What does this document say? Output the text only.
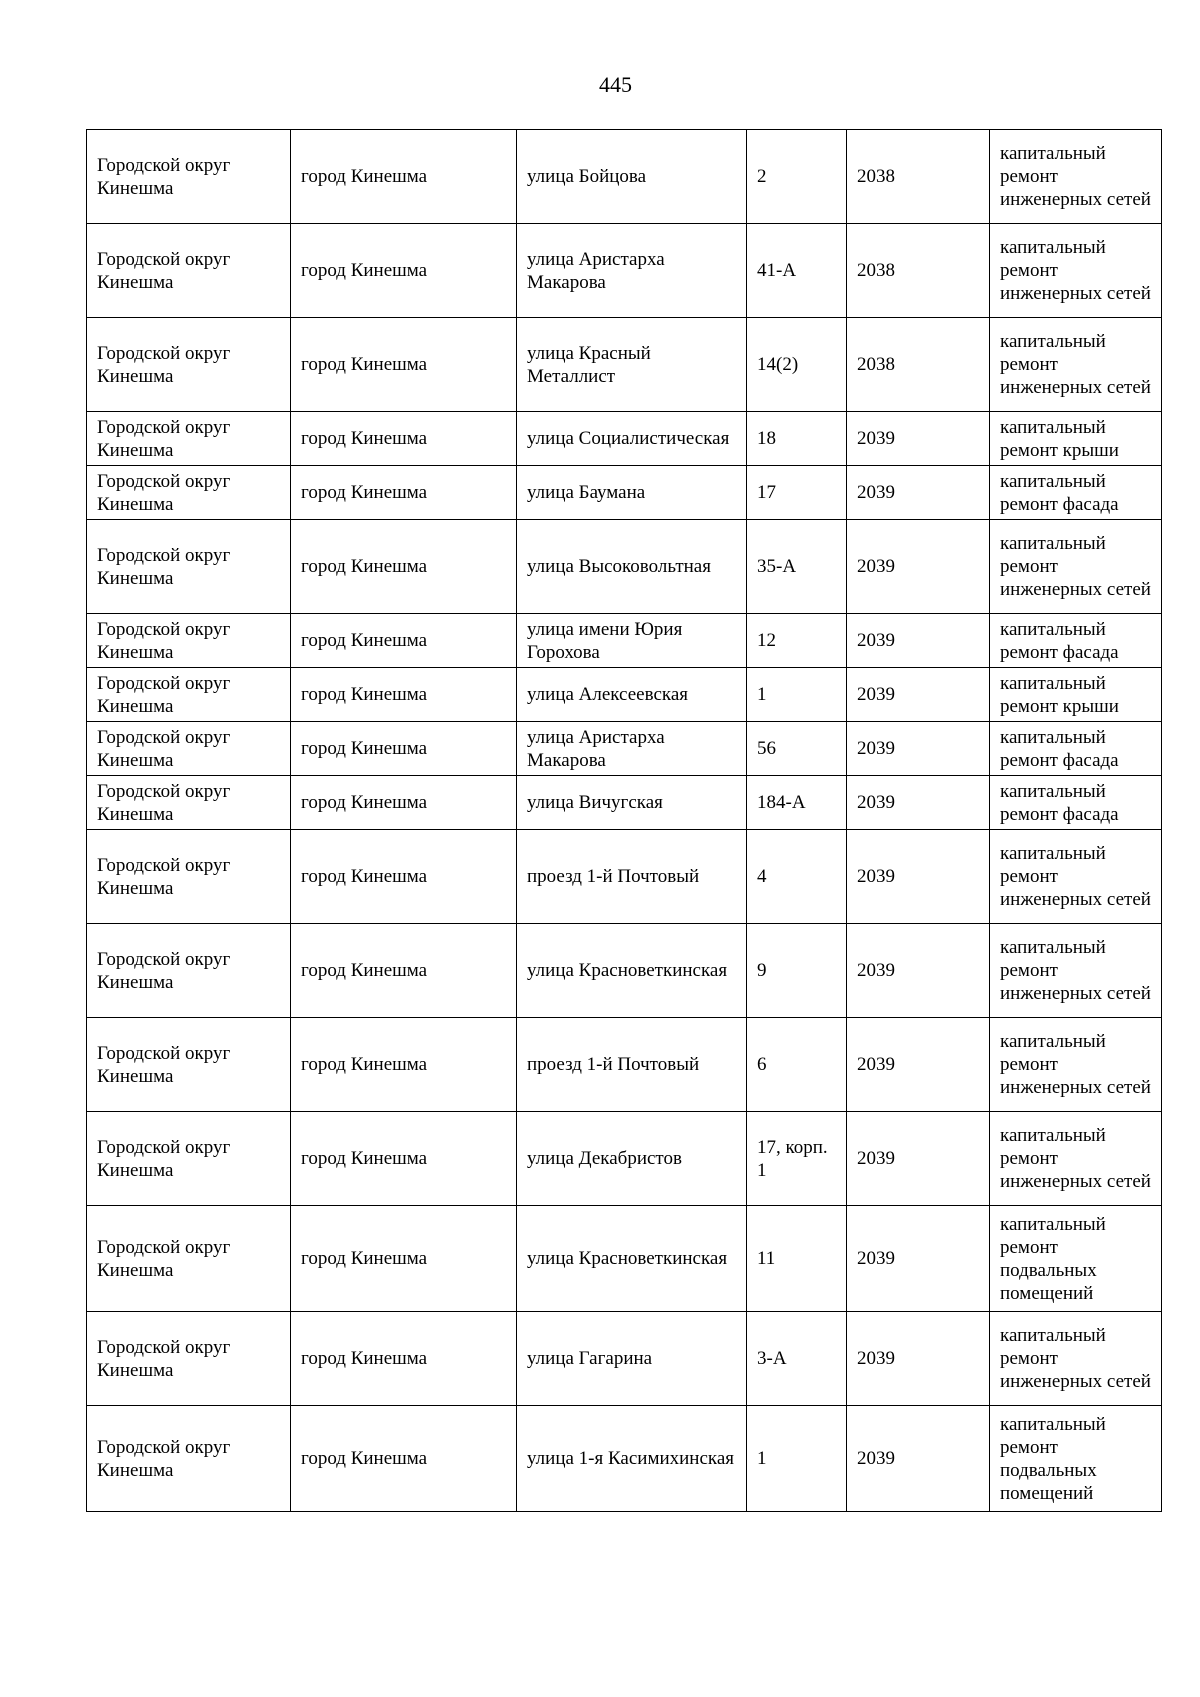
445
Городской округ Кинешма	город Кинешма	улица Бойцова	2	2038	капитальный ремонт инженерных сетей
Городской округ Кинешма	город Кинешма	улица Аристарха Макарова	41-А	2038	капитальный ремонт инженерных сетей
Городской округ Кинешма	город Кинешма	улица Красный Металлист	14(2)	2038	капитальный ремонт инженерных сетей
Городской округ Кинешма	город Кинешма	улица Социалистическая	18	2039	капитальный ремонт крыши
Городской округ Кинешма	город Кинешма	улица Баумана	17	2039	капитальный ремонт фасада
Городской округ Кинешма	город Кинешма	улица Высоковольтная	35-А	2039	капитальный ремонт инженерных сетей
Городской округ Кинешма	город Кинешма	улица имени Юрия Горохова	12	2039	капитальный ремонт фасада
Городской округ Кинешма	город Кинешма	улица Алексеевская	1	2039	капитальный ремонт крыши
Городской округ Кинешма	город Кинешма	улица Аристарха Макарова	56	2039	капитальный ремонт фасада
Городской округ Кинешма	город Кинешма	улица Вичугская	184-А	2039	капитальный ремонт фасада
Городской округ Кинешма	город Кинешма	проезд 1-й Почтовый	4	2039	капитальный ремонт инженерных сетей
Городской округ Кинешма	город Кинешма	улица Красноветкинская	9	2039	капитальный ремонт инженерных сетей
Городской округ Кинешма	город Кинешма	проезд 1-й Почтовый	6	2039	капитальный ремонт инженерных сетей
Городской округ Кинешма	город Кинешма	улица Декабристов	17, корп. 1	2039	капитальный ремонт инженерных сетей
Городской округ Кинешма	город Кинешма	улица Красноветкинская	11	2039	капитальный ремонт подвальных помещений
Городской округ Кинешма	город Кинешма	улица Гагарина	3-А	2039	капитальный ремонт инженерных сетей
Городской округ Кинешма	город Кинешма	улица 1-я Касимихинская	1	2039	капитальный ремонт подвальных помещений
